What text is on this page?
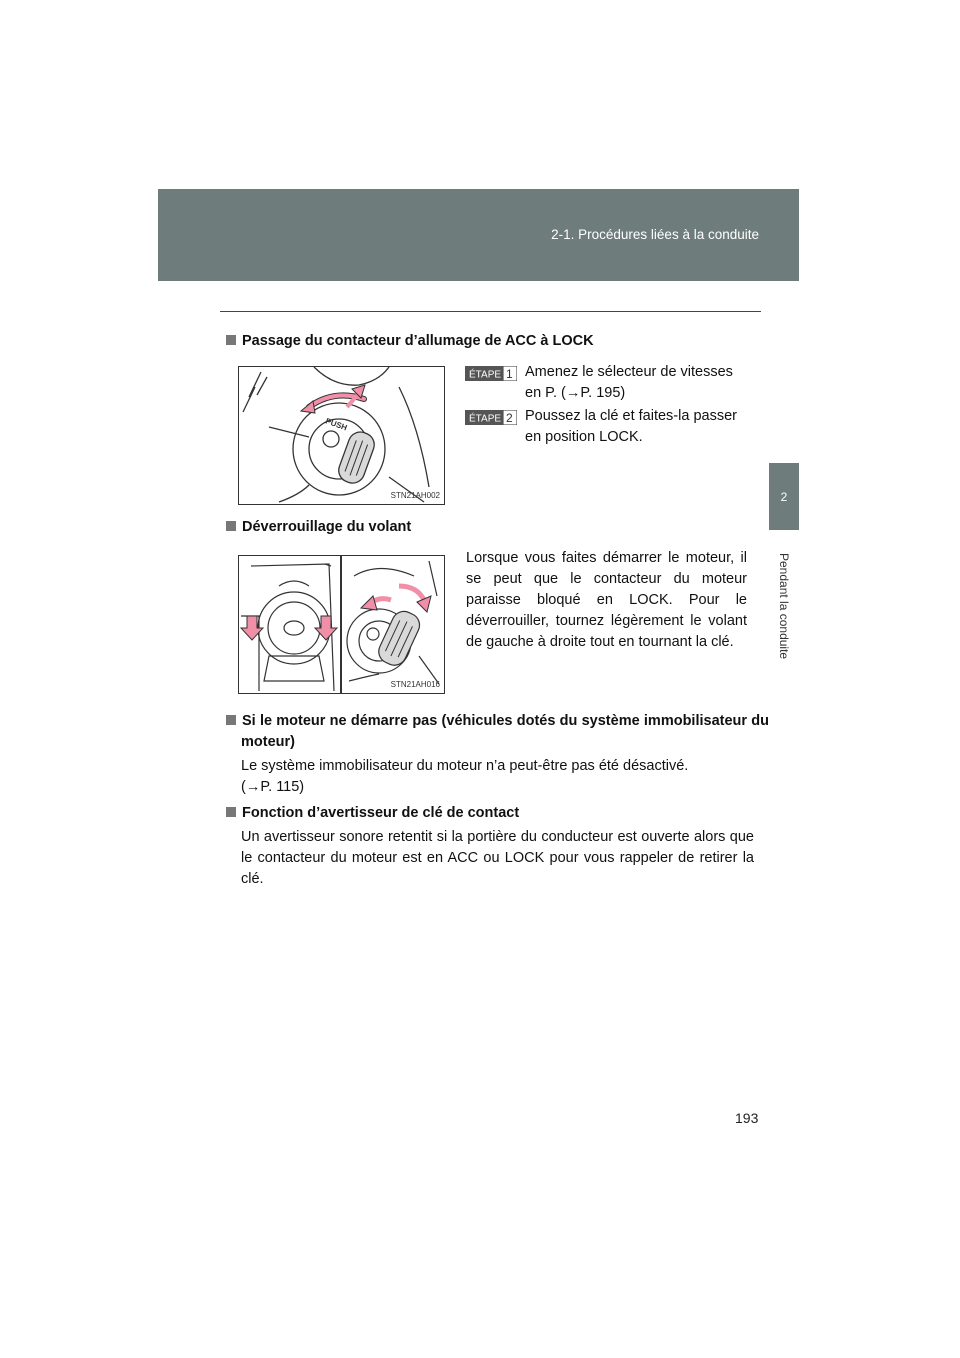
2-1. Procédures liées à la conduite
2
Pendant la conduite
Passage du contacteur d’allumage de ACC à LOCK
PUSH
STN21AH002
ÉTAPE 1 Amenez le sélecteur de vitesses en P. (→P. 195)
ÉTAPE 2 Poussez la clé et faites-la passer en position LOCK.
Déverrouillage du volant
STN21AH016
Lorsque vous faites démarrer le moteur, il se peut que le contacteur du moteur paraisse bloqué en LOCK. Pour le déverrouiller, tournez légèrement le volant de gauche à droite tout en tournant la clé.
Si le moteur ne démarre pas (véhicules dotés du système immobilisateur du moteur)
Le système immobilisateur du moteur n’a peut-être pas été désactivé. (→P. 115)
Fonction d’avertisseur de clé de contact
Un avertisseur sonore retentit si la portière du conducteur est ouverte alors que le contacteur du moteur est en ACC ou LOCK pour vous rappeler de retirer la clé.
193
